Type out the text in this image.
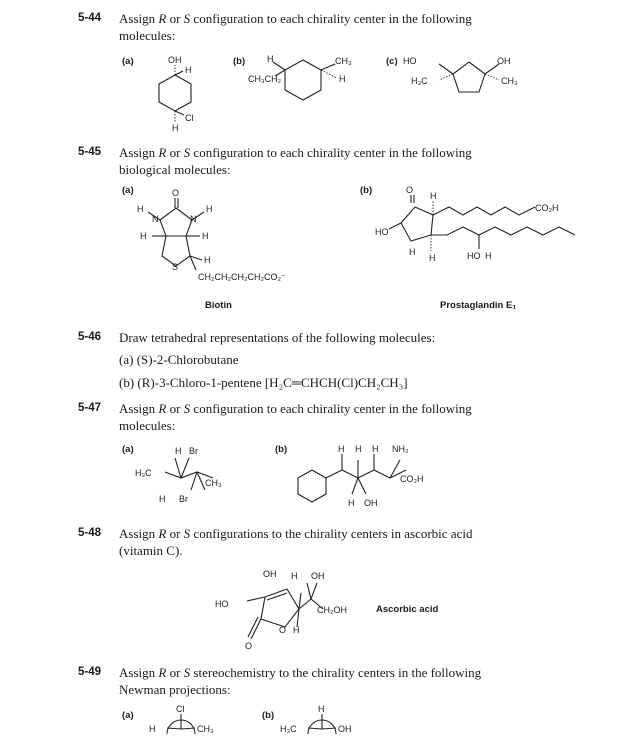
5-44 Assign R or S configuration to each chirality center in the following
molecules:
(a)	(b)	(c)
OH
H
Cl
H
H
CH₃CH₂
CH₃
H
HO
H₃C
OH
CH₃
5-45 Assign R or S configuration to each chirality center in the following
biological molecules:
(a)	(b)
O
N	N
H	H
H	H
H
S
CH₂CH₂CH₂CH₂CO₂⁻
O
H
CO₂H
HO
H
H	HO H
Biotin	Prostaglandin E₁
5-46 Draw tetrahedral representations of the following molecules:
(a) (S)-2-Chlorobutane
(b) (R)-3-Chloro-1-pentene [H₂C═CHCH(Cl)CH₂CH₃]
5-47 Assign R or S configuration to each chirality center in the following
molecules:
(a)	(b)
H Br
H₃C
CH₃
H Br
H H H NH₂
CO₂H
H OH
5-48 Assign R or S configurations to the chirality centers in ascorbic acid
(vitamin C).
OH H OH
HO
CH₂OH
O H
O
Ascorbic acid
5-49 Assign R or S stereochemistry to the chirality centers in the following
Newman projections:
(a)	(b)
Cl
H	CH₃
H
H₃C	OH
